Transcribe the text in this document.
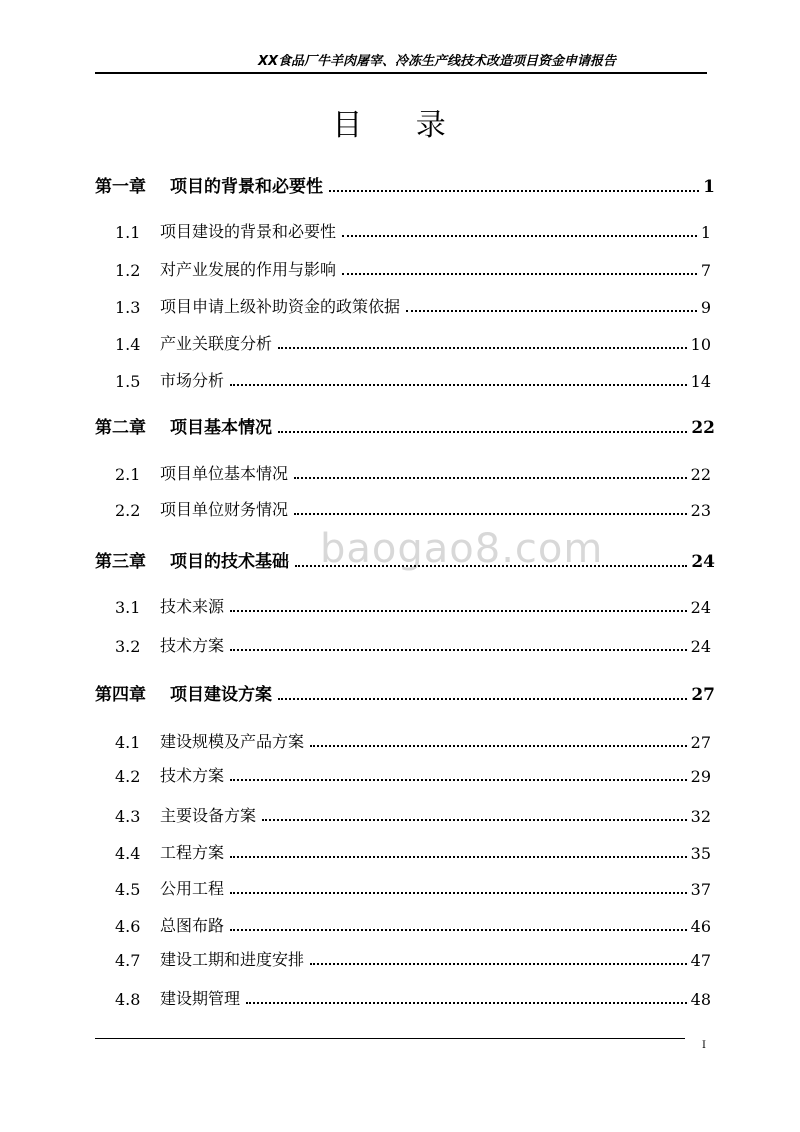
XX食品厂牛羊肉屠宰、冷冻生产线技术改造项目资金申请报告
目 录
baogao8.com
第一章 项目的背景和必要性	1
1.1	项目建设的背景和必要性	1
1.2	对产业发展的作用与影响	7
1.3	项目申请上级补助资金的政策依据	9
1.4	产业关联度分析	10
1.5	市场分析	14
第二章 项目基本情况	22
2.1	项目单位基本情况	22
2.2	项目单位财务情况	23
第三章 项目的技术基础	24
3.1	技术来源	24
3.2	技术方案	24
第四章 项目建设方案	27
4.1	建设规模及产品方案	27
4.2	技术方案	29
4.3	主要设备方案	32
4.4	工程方案	35
4.5	公用工程	37
4.6	总图布路	46
4.7	建设工期和进度安排	47
4.8	建设期管理	48
I
